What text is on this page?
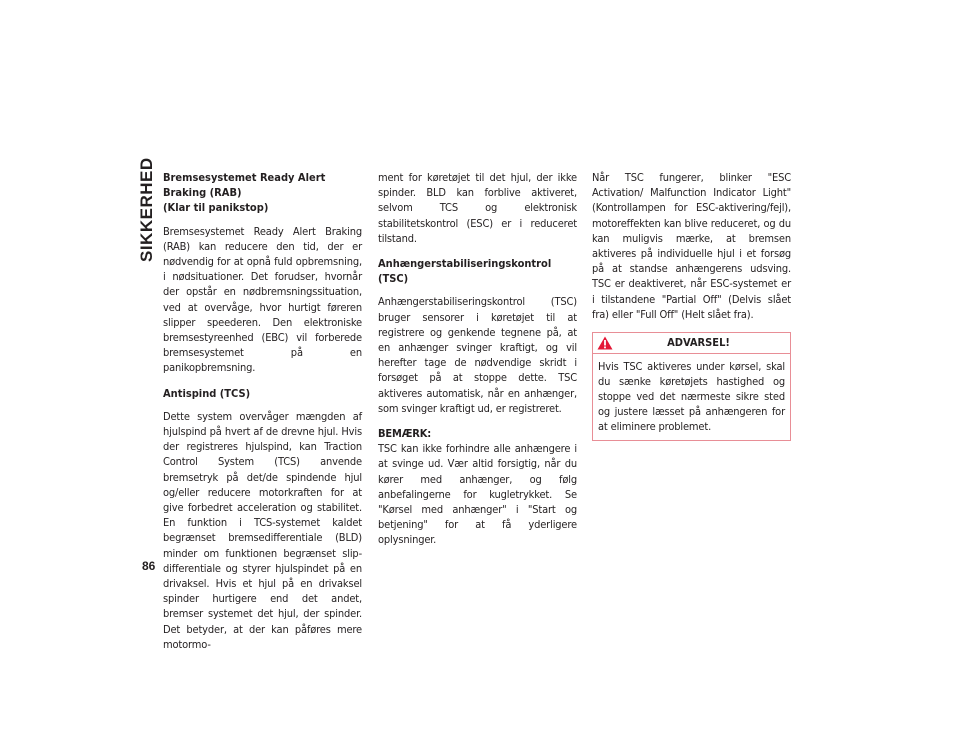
SIKKERHED Bremsesystemet Ready Alert Braking (RAB)
(Klar til panikstop)

Bremsesystemet Ready Alert Braking (RAB) kan reducere den tid, der er nødvendig for at opnå fuld opbremsning, i nødsituationer. Det forudser, hvornår der opstår en nødbremsningssituation, ved at overvåge, hvor hurtigt føreren slipper speederen. Den elektroniske bremsestyreenhed (EBC) vil forberede bremsesystemet på en panikopbremsning.

Antispind (TCS)

Dette system overvåger mængden af hjulspind på hvert af de drevne hjul. Hvis der registreres hjulspind, kan Traction Control System (TCS) anvende bremsetryk på det/de spindende hjul og/eller reducere motorkraften for at give forbedret acceleration og stabilitet. En funktion i TCS-systemet kaldet begrænset bremsedifferentiale (BLD) minder om funktionen begrænset slip-differentiale og styrer hjulspindet på en drivaksel. Hvis et hjul på en drivaksel spinder hurtigere end det andet, bremser systemet det hjul, der spinder. Det betyder, at der kan påføres mere motormo-

ment for køretøjet til det hjul, der ikke spinder. BLD kan forblive aktiveret, selvom TCS og elektronisk stabilitetskontrol (ESC) er i reduceret tilstand.

Anhængerstabiliseringskontrol (TSC)

Anhængerstabiliseringskontrol (TSC) bruger sensorer i køretøjet til at registrere og genkende tegnene på, at en anhænger svinger kraftigt, og vil herefter tage de nødvendige skridt i forsøget på at stoppe dette. TSC aktiveres automatisk, når en anhænger, som svinger kraftigt ud, er registreret.

BEMÆRK:
TSC kan ikke forhindre alle anhængere i at svinge ud. Vær altid forsigtig, når du kører med anhænger, og følg anbefalingerne for kugletrykket. Se "Kørsel med anhænger" i "Start og betjening" for at få yderligere oplysninger.

Når TSC fungerer, blinker "ESC Activation/ Malfunction Indicator Light" (Kontrollampen for ESC-aktivering/fejl), motoreffekten kan blive reduceret, og du kan muligvis mærke, at bremsen aktiveres på individuelle hjul i et forsøg på at standse anhængerens udsving. TSC er deaktiveret, når ESC-systemet er i tilstandene "Partial Off" (Delvis slået fra) eller "Full Off" (Helt slået fra).

ADVARSEL!
Hvis TSC aktiveres under kørsel, skal du sænke køretøjets hastighed og stoppe ved det nærmeste sikre sted og justere læsset på anhængeren for at eliminere problemet.
86
